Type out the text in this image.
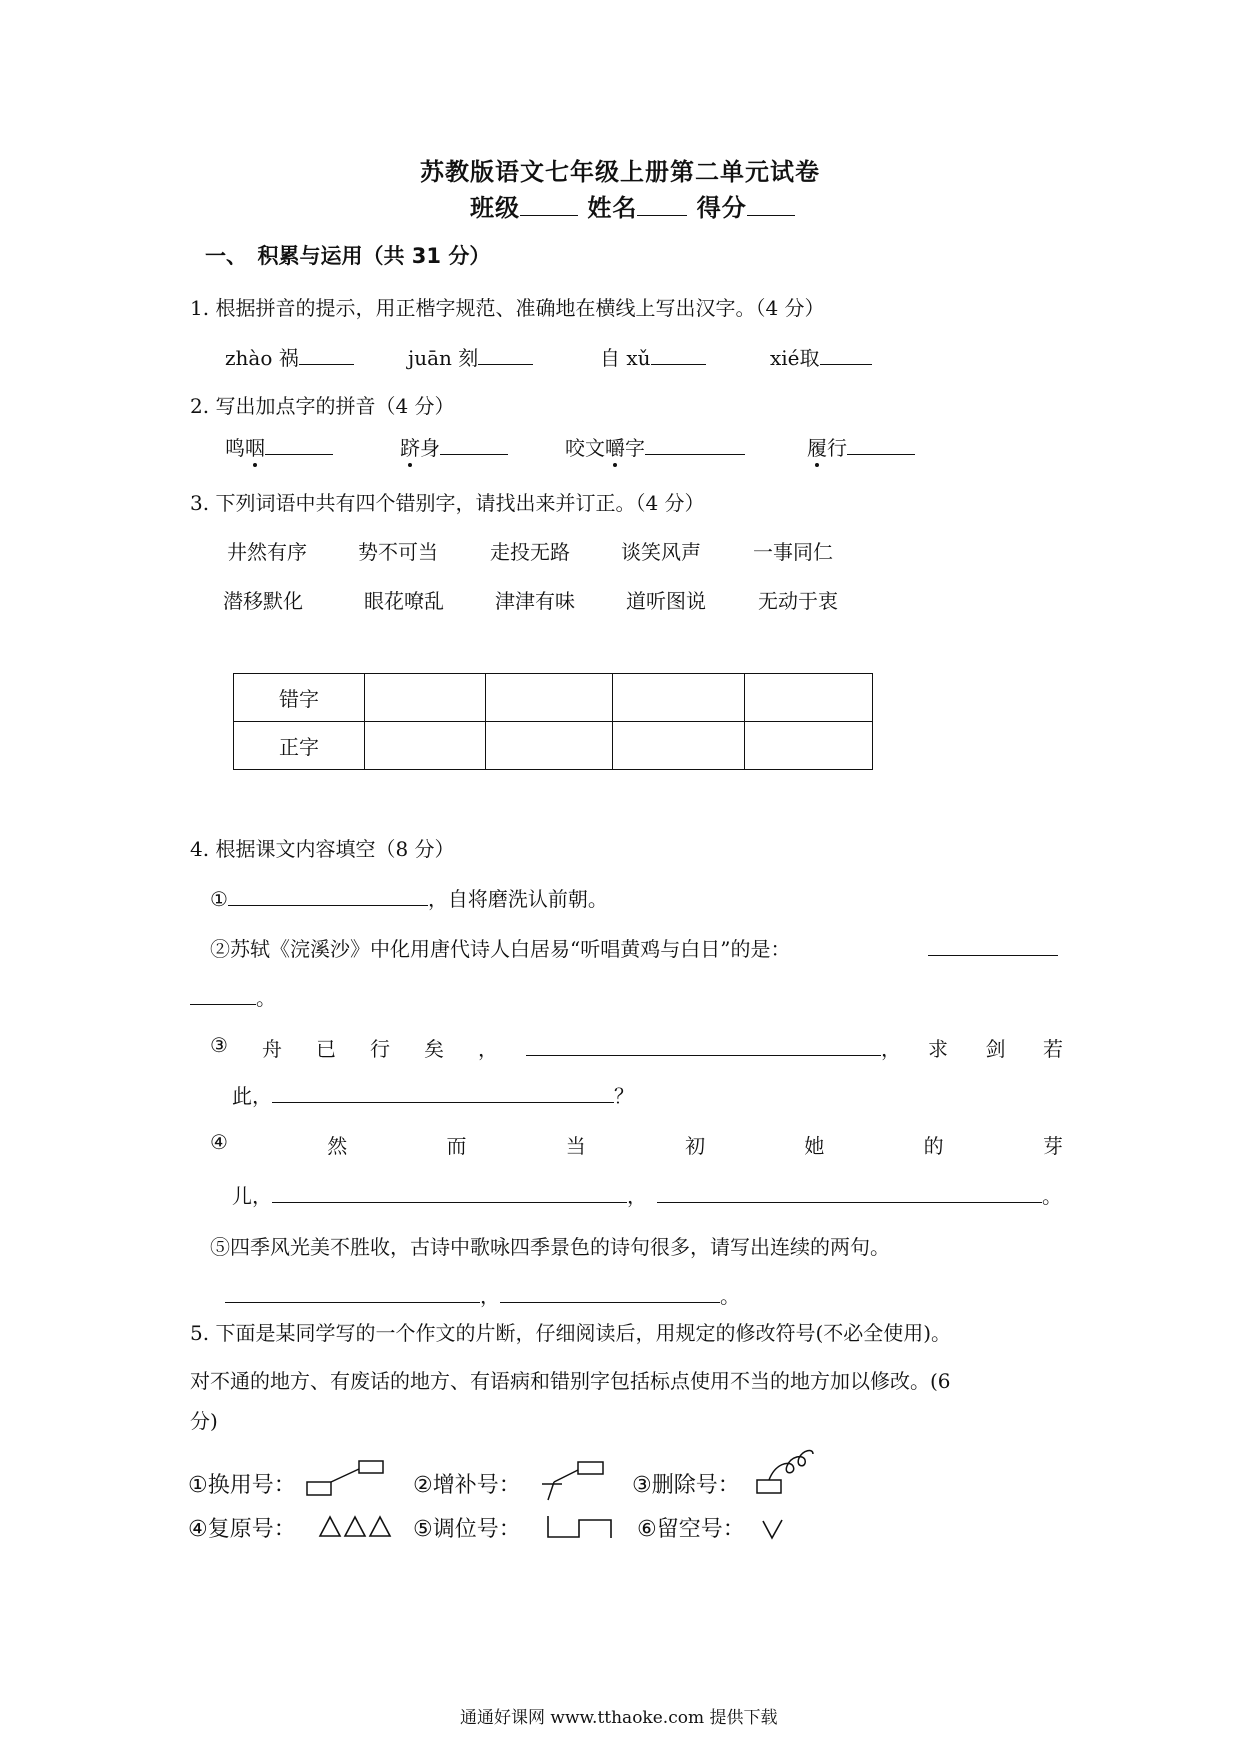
苏教版语文七年级上册第二单元试卷
班级	姓名 得分
一、　积累与运用（共 31 分）
1. 根据拼音的提示，用正楷字规范、准确地在横线上写出汉字。（4 分）
zhào 祸	juān 刻	自 xǔ	xié取
2. 写出加点字的拼音（4 分）
鸣咽	跻身	咬文嚼字	履行
3. 下列词语中共有四个错别字，请找出来并订正。（4 分）
井然有序	势不可当	走投无路	谈笑风声	一事同仁
潜移默化	眼花嘹乱	津津有味	道听图说	无动于衷
错字				
正字				
4. 根据课文内容填空（8 分）
①	，自将磨洗认前朝。
②苏轼《浣溪沙》中化用唐代诗人白居易“听唱黄鸡与白日”的是：
。
③ 舟 已 行 矣 ，	， 求 剑 若
此，	？
④	然	而	当	初	她	的	芽
儿，	，	。
⑤四季风光美不胜收，古诗中歌咏四季景色的诗句很多，请写出连续的两句。
，	。
5. 下面是某同学写的一个作文的片断，仔细阅读后，用规定的修改符号(不必全使用)。
对不通的地方、有废话的地方、有语病和错别字包括标点使用不当的地方加以修改。(6
分)
①换用号：	②增补号：	③删除号：
④复原号：	⑤调位号：	⑥留空号：
通通好课网 www.tthaoke.com 提供下载
